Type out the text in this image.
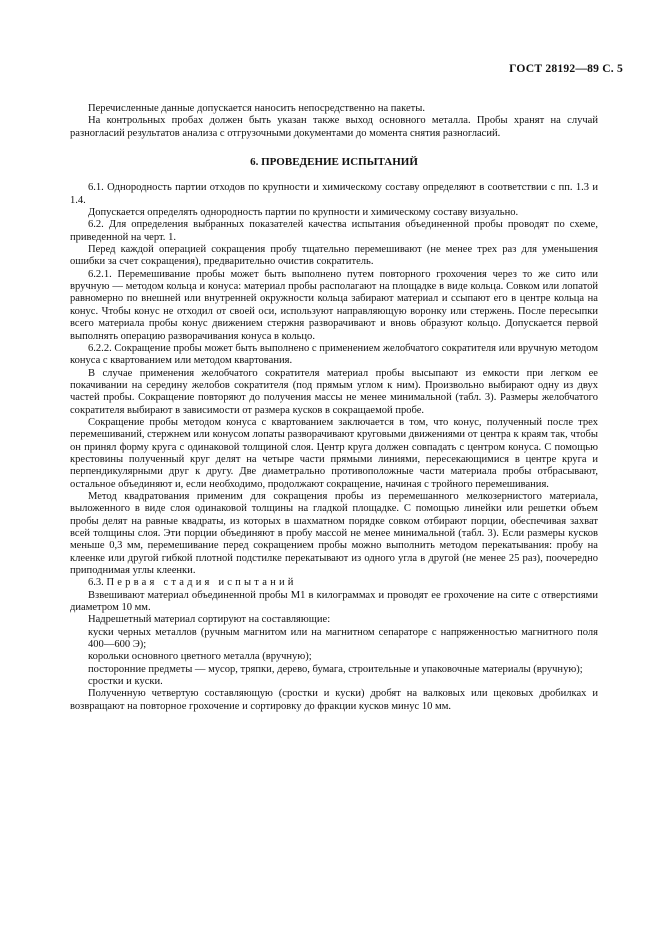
ГОСТ 28192—89 С. 5

Перечисленные данные допускается наносить непосредственно на пакеты.

На контрольных пробах должен быть указан также выход основного металла. Пробы хранят на случай разногласий результатов анализа с отгрузочными документами до момента снятия разногласий.

6. ПРОВЕДЕНИЕ ИСПЫТАНИЙ

6.1. Однородность партии отходов по крупности и химическому составу определяют в соответствии с пп. 1.3 и 1.4.

Допускается определять однородность партии по крупности и химическому составу визуально.

6.2. Для определения выбранных показателей качества испытания объединенной пробы проводят по схеме, приведенной на черт. 1.

Перед каждой операцией сокращения пробу тщательно перемешивают (не менее трех раз для уменьшения ошибки за счет сокращения), предварительно очистив сократитель.

6.2.1. Перемешивание пробы может быть выполнено путем повторного грохочения через то же сито или вручную — методом кольца и конуса: материал пробы располагают на площадке в виде кольца. Совком или лопатой равномерно по внешней или внутренней окружности кольца забирают материал и ссыпают его в центре кольца на конус. Чтобы конус не отходил от своей оси, используют направляющую воронку или стержень. После пересыпки всего материала пробы конус движением стержня разворачивают и вновь образуют кольцо. Допускается первой выполнять операцию разворачивания конуса в кольцо.

6.2.2. Сокращение пробы может быть выполнено с применением желобчатого сократителя или вручную методом конуса с квартованием или методом квартования.

В случае применения желобчатого сократителя материал пробы высыпают из емкости при легком ее покачивании на середину желобов сократителя (под прямым углом к ним). Произвольно выбирают одну из двух частей пробы. Сокращение повторяют до получения массы не менее минимальной (табл. 3). Размеры желобчатого сократителя выбирают в зависимости от размера кусков в сокращаемой пробе.

Сокращение пробы методом конуса с квартованием заключается в том, что конус, полученный после трех перемешиваний, стержнем или конусом лопаты разворачивают круговыми движениями от центра к краям так, чтобы он принял форму круга с одинаковой толщиной слоя. Центр круга должен совпадать с центром конуса. С помощью крестовины полученный круг делят на четыре части прямыми линиями, пересекающимися в центре круга и перпендикулярными друг к другу. Две диаметрально противоположные части материала пробы отбрасывают, остальное объединяют и, если необходимо, продолжают сокращение, начиная с тройного перемешивания.

Метод квадратования применим для сокращения пробы из перемешанного мелкозернистого материала, выложенного в виде слоя одинаковой толщины на гладкой площадке. С помощью линейки или решетки объем пробы делят на равные квадраты, из которых в шахматном порядке совком отбирают порции, обеспечивая захват всей толщины слоя. Эти порции объединяют в пробу массой не менее минимальной (табл. 3). Если размеры кусков меньше 0,3 мм, перемешивание перед сокращением пробы можно выполнить методом перекатывания: пробу на клеенке или другой гибкой плотной подстилке перекатывают из одного угла в другой (не менее 25 раз), поочередно приподнимая углы клеенки.

6.3. Первая стадия испытаний

Взвешивают материал объединенной пробы М1 в килограммах и проводят ее грохочение на сите с отверстиями диаметром 10 мм.

Надрешетный материал сортируют на составляющие:

куски черных металлов (ручным магнитом или на магнитном сепараторе с напряженностью магнитного поля 400—600 Э);

корольки основного цветного металла (вручную);

посторонние предметы — мусор, тряпки, дерево, бумага, строительные и упаковочные материалы (вручную);

сростки и куски.

Полученную четвертую составляющую (сростки и куски) дробят на валковых или щековых дробилках и возвращают на повторное грохочение и сортировку до фракции кусков минус 10 мм.
